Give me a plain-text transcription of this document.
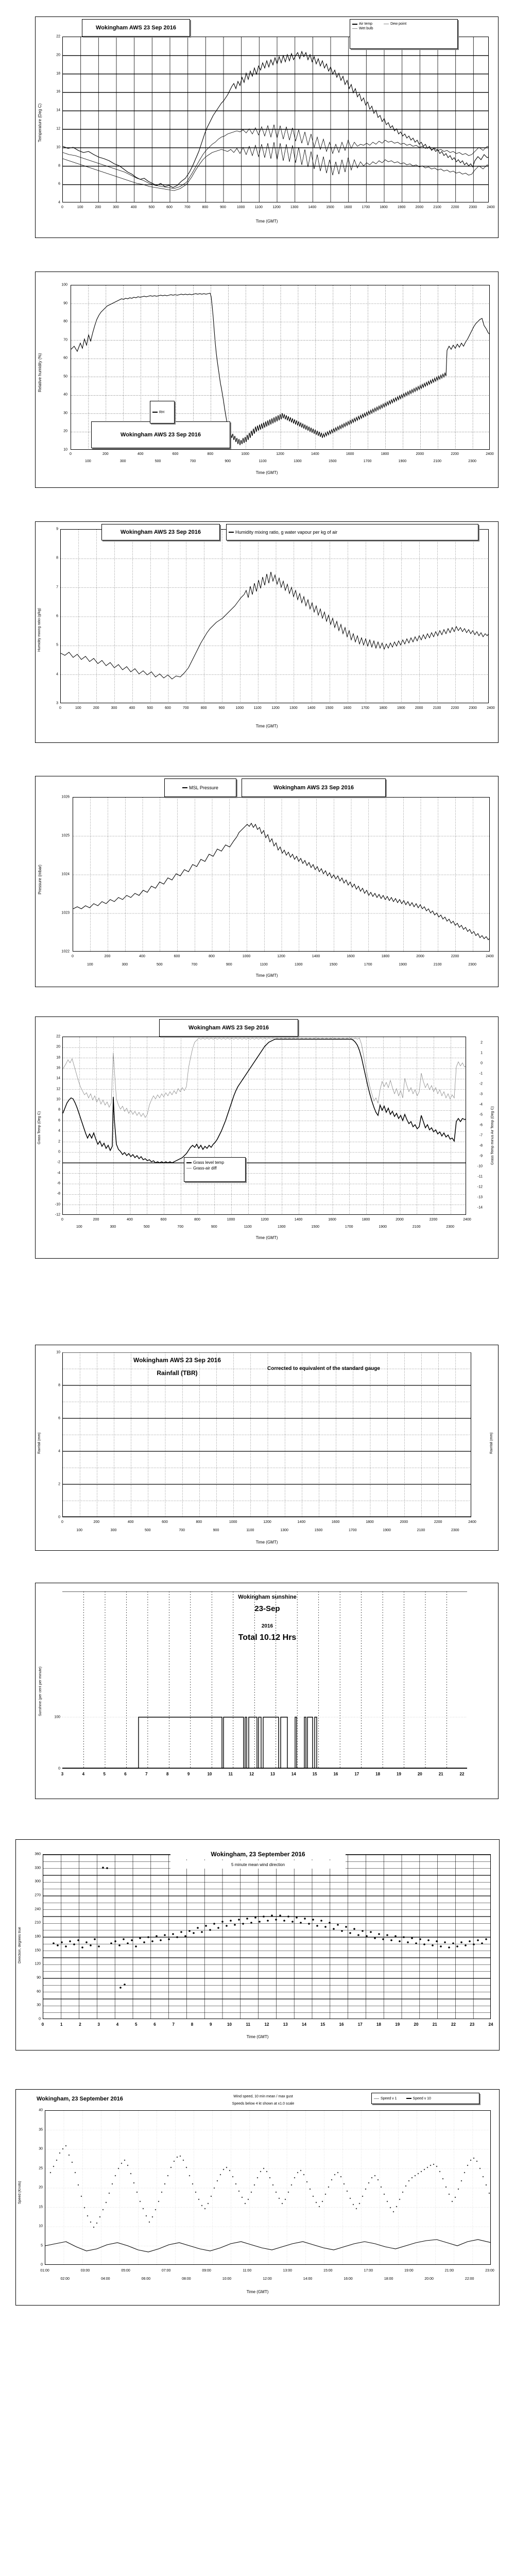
Temperature (Deg C)
22
20
18
16
14
12
10
8
6
4
0	100	200	300	400	500	600	700	800	900	1000	1100	1200	1300	1400	1500	1600	1700	1800	1900	2000	2100	2200	2300	2400
Time (GMT)
Wokingham AWS 23 Sep 2016
Air temp	Dew point
Wet bulb
Relative humidity (%)
100
90
80
70
60
50
40
30
20
10
0	200	400	600	800	1000	1200	1400	1600	1800	2000	2200	2400
100	300	500	700	900	1100	1300	1500	1700	1900	2100	2300
Time (GMT)
Wokingham AWS 23 Sep 2016
RH
Humidity mixing ratio (g/kg)
9
8
7
6
5
4
3
0	100	200	300	400	500	600	700	800	900	1000	1100	1200	1300	1400	1500	1600	1700	1800	1900	2000	2100	2200	2300	2400
Time (GMT)
Wokingham AWS 23 Sep 2016	Humidity mixing ratio, g water vapour per kg of air
Pressure (mbar)
1026
1025
1024
1023
1022
0	200	400	600	800	1000	1200	1400	1600	1800	2000	2200	2400
100	300	500	700	900	1100	1300	1500	1700	1900	2100	2300
Time (GMT)
MSL Pressure	Wokingham AWS 23 Sep 2016
Grass Temp (Deg C)	Grass Temp minus Air Temp (Deg C)
22
20
18
16
14
12
10
8
6
4
2
0
-2
-4
-6
-8
-10
-12
2
1
0
-1
-2
-3
-4
-5
-6
-7
-8
-9
-10
-11
-12
-13
-14
0	200	400	600	800	1000	1200	1400	1600	1800	2000	2200	2400
100	300	500	700	900	1100	1300	1500	1700	1900	2100	2300
Time (GMT)
Wokingham AWS 23 Sep 2016
Grass level temp
Grass-air diff
Rainfall (mm)	Rainfall (mm)
10
8
6
4
2
0
0	200	400	600	800	1000	1200	1400	1600	1800	2000	2200	2400
100	300	500	700	900	1100	1300	1500	1700	1900	2100	2300
Time (GMT)
Wokingham AWS 23 Sep 2016
Rainfall (TBR)
Corrected to equivalent of the standard gauge
Sunshine (per cent per minute)
100
0
3	4	5	6	7	8	9	10	11	12	13	14	15	16	17	18	19	20	21	22
Wokingham sunshine
23-Sep
2016
Total 10.12 Hrs
Direction, degrees true
360
330
300
270
240
210
180
150
120
90
60
30
0
0	1	2	3	4	5	6	7	8	9	10	11	12	13	14	15	16	17	18	19	20	21	22	23	24
Time (GMT)
Wokingham, 23 September 2016
5 minute mean wind direction
Speed (Knots)
40
35
30
25
20
15
10
5
0
01:00	03:00	05:00	07:00	09:00	11:00	13:00	15:00	17:00	19:00	21:00	23:00
02:00	04:00	06:00	08:00	10:00	12:00	14:00	16:00	18:00	20:00	22:00
Time (GMT)
Wokingham, 23 September 2016	Wind speed, 10 min mean / max gust
Speeds below 4 kt shown at x1.0 scale
Speed v 1	Speed v 10
